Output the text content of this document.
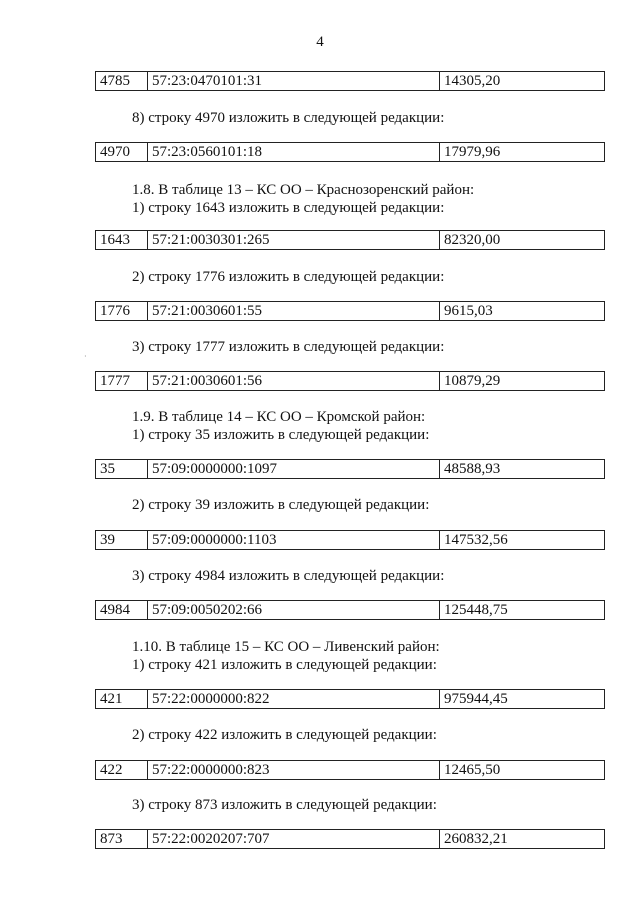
4
4785	57:23:0470101:31	14305,20
8) строку 4970 изложить в следующей редакции:
4970	57:23:0560101:18	17979,96
1.8. В таблице 13 – КС ОО – Краснозоренский район:
1) строку 1643 изложить в следующей редакции:
1643	57:21:0030301:265	82320,00
2) строку 1776 изложить в следующей редакции:
1776	57:21:0030601:55	9615,03
3) строку 1777 изложить в следующей редакции:
·
1777	57:21:0030601:56	10879,29
1.9. В таблице 14 – КС ОО – Кромской район:
1) строку 35 изложить в следующей редакции:
35	57:09:0000000:1097	48588,93
2) строку 39 изложить в следующей редакции:
39	57:09:0000000:1103	147532,56
3) строку 4984 изложить в следующей редакции:
4984	57:09:0050202:66	125448,75
1.10. В таблице 15 – КС ОО – Ливенский район:
1) строку 421 изложить в следующей редакции:
421	57:22:0000000:822	975944,45
2) строку 422 изложить в следующей редакции:
422	57:22:0000000:823	12465,50
3) строку 873 изложить в следующей редакции:
873	57:22:0020207:707	260832,21
